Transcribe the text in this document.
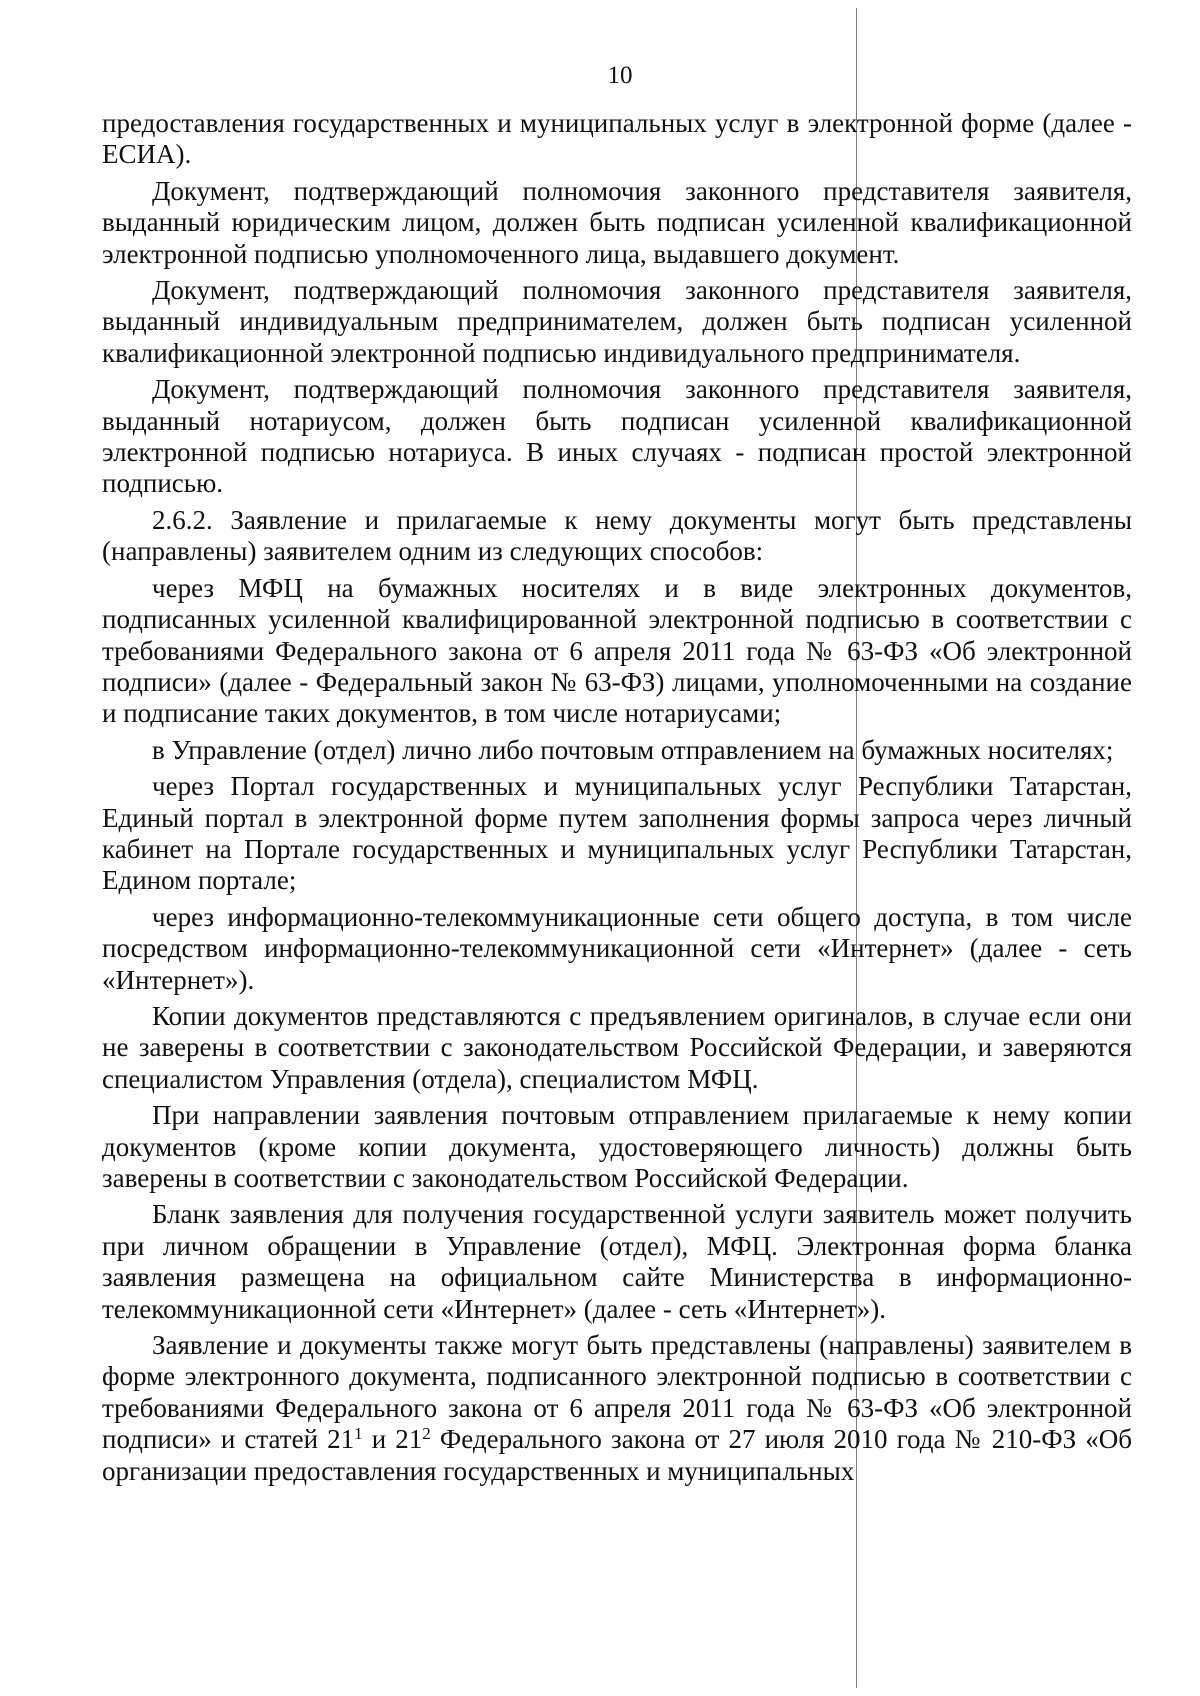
10

предоставления государственных и муниципальных услуг в электронной форме (далее - ЕСИА).

Документ, подтверждающий полномочия законного представителя заявителя, выданный юридическим лицом, должен быть подписан усиленной квалификационной электронной подписью уполномоченного лица, выдавшего документ.

Документ, подтверждающий полномочия законного представителя заявителя, выданный индивидуальным предпринимателем, должен быть подписан усиленной квалификационной электронной подписью индивидуального предпринимателя.

Документ, подтверждающий полномочия законного представителя заявителя, выданный нотариусом, должен быть подписан усиленной квалификационной электронной подписью нотариуса. В иных случаях - подписан простой электронной подписью.

2.6.2. Заявление и прилагаемые к нему документы могут быть представлены (направлены) заявителем одним из следующих способов:

через МФЦ на бумажных носителях и в виде электронных документов, подписанных усиленной квалифицированной электронной подписью в соответствии с требованиями Федерального закона от 6 апреля 2011 года № 63-ФЗ «Об электронной подписи» (далее - Федеральный закон № 63-ФЗ) лицами, уполномоченными на создание и подписание таких документов, в том числе нотариусами;

в Управление (отдел) лично либо почтовым отправлением на бумажных носителях;

через Портал государственных и муниципальных услуг Республики Татарстан, Единый портал в электронной форме путем заполнения формы запроса через личный кабинет на Портале государственных и муниципальных услуг Республики Татарстан, Едином портале;

через информационно-телекоммуникационные сети общего доступа, в том числе посредством информационно-телекоммуникационной сети «Интернет» (далее - сеть «Интернет»).

Копии документов представляются с предъявлением оригиналов, в случае если они не заверены в соответствии с законодательством Российской Федерации, и заверяются специалистом Управления (отдела), специалистом МФЦ.

При направлении заявления почтовым отправлением прилагаемые к нему копии документов (кроме копии документа, удостоверяющего личность) должны быть заверены в соответствии с законодательством Российской Федерации.

Бланк заявления для получения государственной услуги заявитель может получить при личном обращении в Управление (отдел), МФЦ. Электронная форма бланка заявления размещена на официальном сайте Министерства в информационно-телекоммуникационной сети «Интернет» (далее - сеть «Интернет»).

Заявление и документы также могут быть представлены (направлены) заявителем в форме электронного документа, подписанного электронной подписью в соответствии с требованиями Федерального закона от 6 апреля 2011 года № 63-ФЗ «Об электронной подписи» и статей $21^1$ и $21^2$ Федерального закона от 27 июля 2010 года № 210-ФЗ «Об организации предоставления государственных и муниципальных
